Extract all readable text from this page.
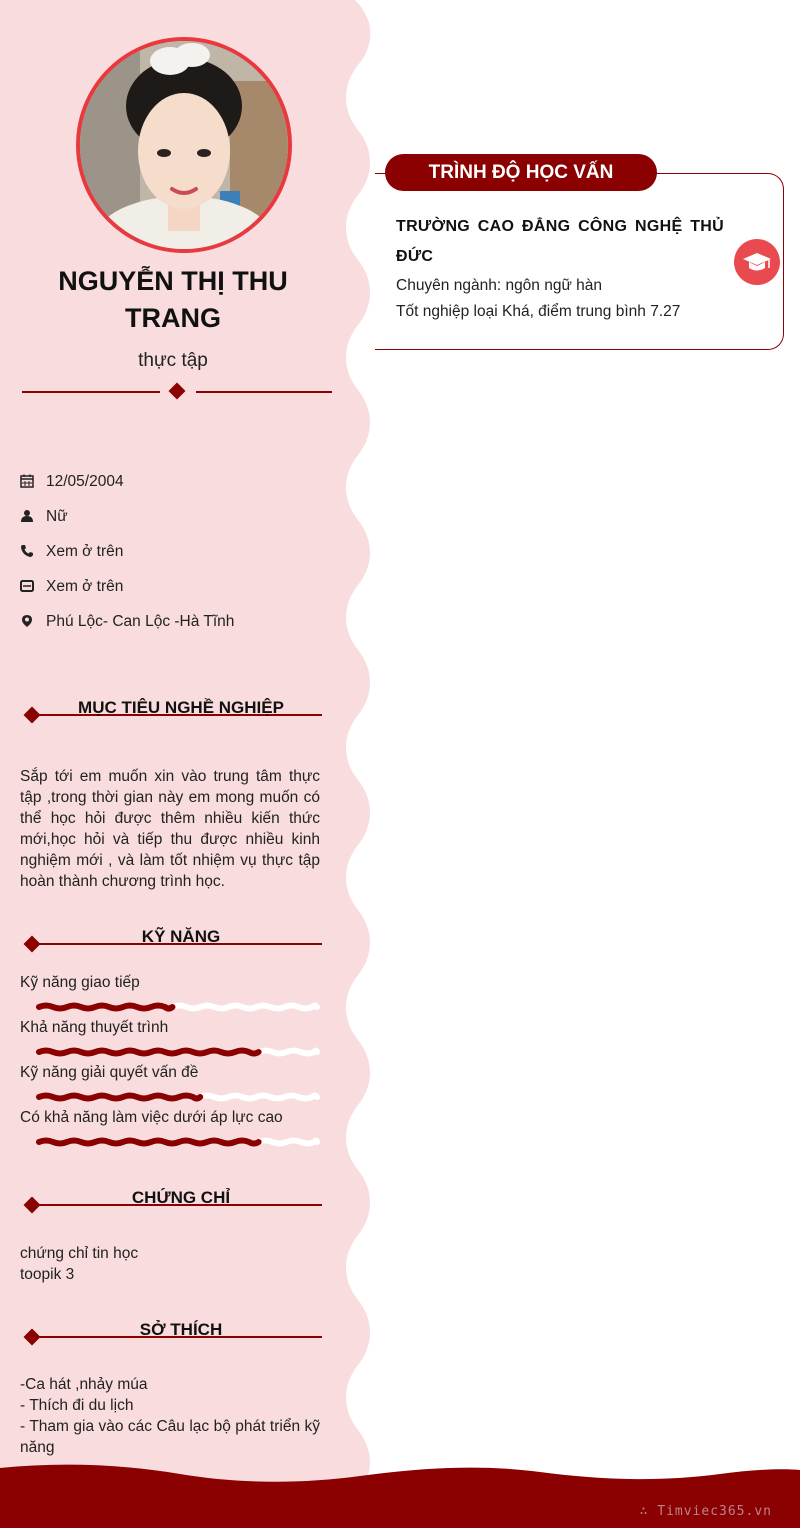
NGUYỄN THỊ THU
TRANG
thực tập
12/05/2004
Nữ
Xem ở trên
Xem ở trên
Phú Lộc- Can Lộc -Hà Tĩnh
MỤC TIÊU NGHỀ NGHIỆP
Sắp tới em muốn xin vào trung tâm thực tập ,trong thời gian này em mong muốn có thể học hỏi được thêm nhiều kiến thức mới,học hỏi và tiếp thu được nhiều kinh nghiệm mới , và làm tốt nhiệm vụ thực tập hoàn thành chương trình học.
KỸ NĂNG
Kỹ năng giao tiếp
Khả năng thuyết trình
Kỹ năng giải quyết vấn đề
Có khả năng làm việc dưới áp lực cao
CHỨNG CHỈ
chứng chỉ tin học
toopik 3
SỞ THÍCH
-Ca hát ,nhảy múa
- Thích đi du lịch
- Tham gia vào các Câu lạc bộ phát triển kỹ năng
TRÌNH ĐỘ HỌC VẤN
TRƯỜNG CAO ĐẲNG CÔNG NGHỆ THỦ ĐỨC
Chuyên ngành: ngôn ngữ hàn
Tốt nghiệp loại Khá, điểm trung bình 7.27
∴ Timviec365.vn
